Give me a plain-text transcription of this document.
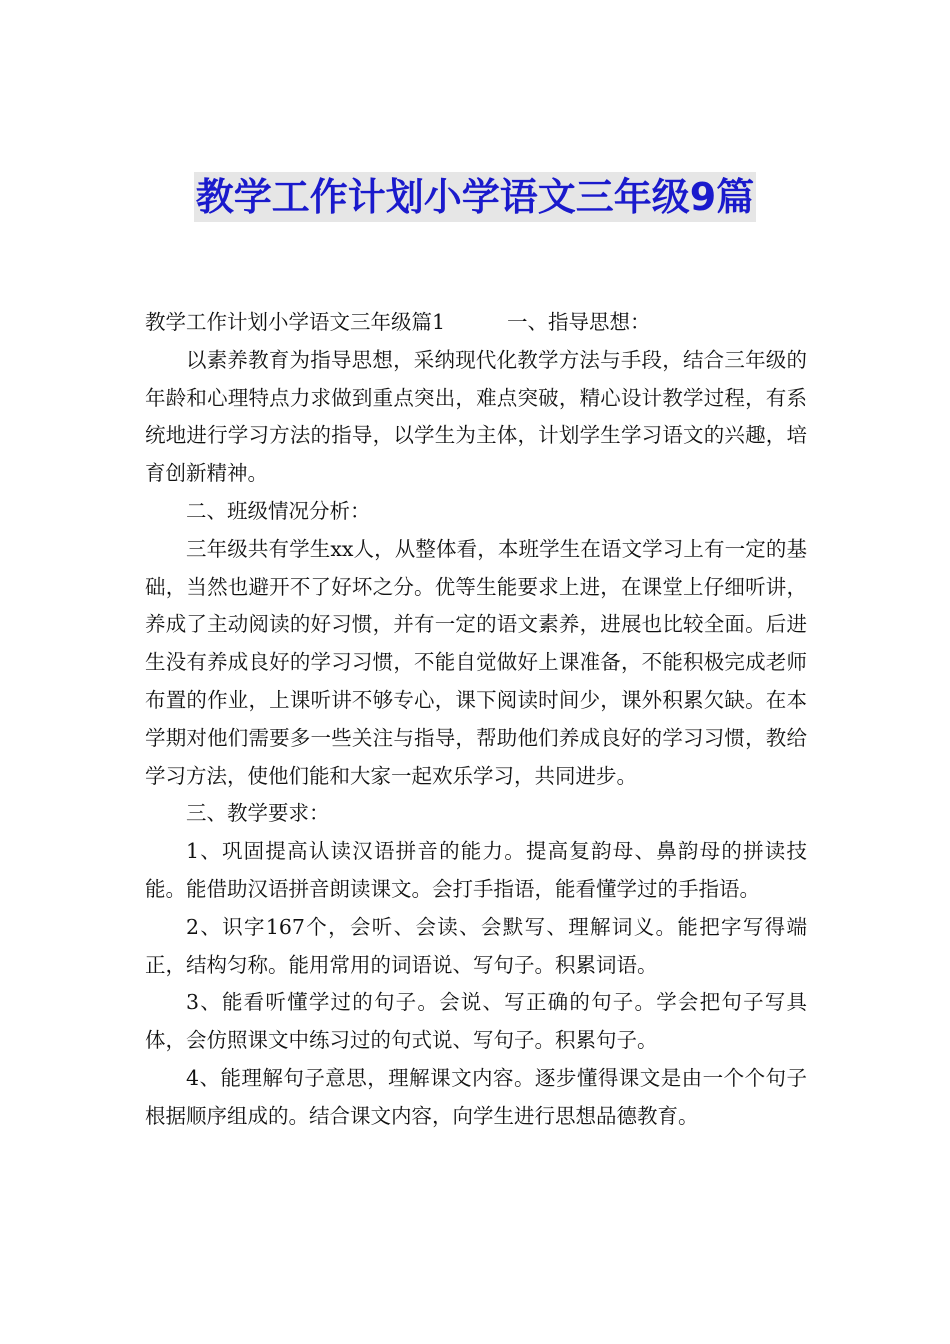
教学工作计划小学语文三年级9篇

教学工作计划小学语文三年级篇1	一、指导思想：

以素养教育为指导思想，采纳现代化教学方法与手段，结合三年级的年龄和心理特点力求做到重点突出，难点突破，精心设计教学过程，有系统地进行学习方法的指导，以学生为主体，计划学生学习语文的兴趣，培育创新精神。

二、班级情况分析：

三年级共有学生xx人，从整体看，本班学生在语文学习上有一定的基础，当然也避开不了好坏之分。优等生能要求上进，在课堂上仔细听讲，养成了主动阅读的好习惯，并有一定的语文素养，进展也比较全面。后进生没有养成良好的学习习惯，不能自觉做好上课准备，不能积极完成老师布置的作业，上课听讲不够专心，课下阅读时间少，课外积累欠缺。在本学期对他们需要多一些关注与指导，帮助他们养成良好的学习习惯，教给学习方法，使他们能和大家一起欢乐学习，共同进步。

三、教学要求：

1、巩固提高认读汉语拼音的能力。提高复韵母、鼻韵母的拼读技能。能借助汉语拼音朗读课文。会打手指语，能看懂学过的手指语。

2、识字167个，会听、会读、会默写、理解词义。能把字写得端正，结构匀称。能用常用的词语说、写句子。积累词语。

3、能看听懂学过的句子。会说、写正确的句子。学会把句子写具体，会仿照课文中练习过的句式说、写句子。积累句子。

4、能理解句子意思，理解课文内容。逐步懂得课文是由一个个句子根据顺序组成的。结合课文内容，向学生进行思想品德教育。
